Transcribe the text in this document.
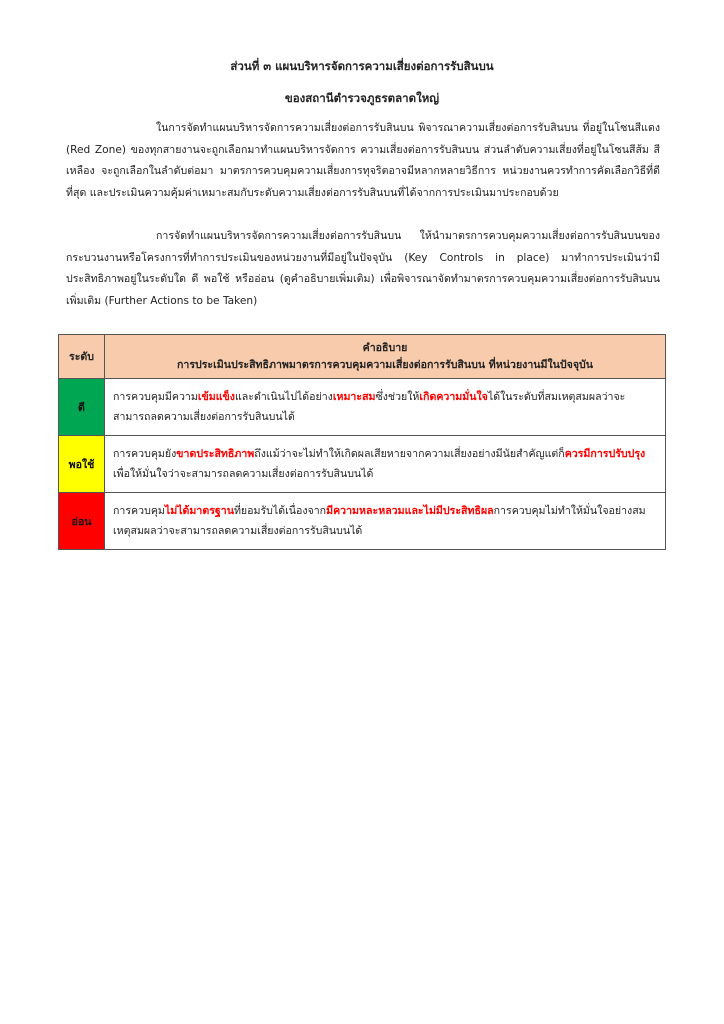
ส่วนที่ ๓ แผนบริหารจัดการความเสี่ยงต่อการรับสินบน
ของสถานีตำรวจภูธรตลาดใหญ่
ในการจัดทำแผนบริหารจัดการความเสี่ยงต่อการรับสินบน พิจารณาความเสี่ยงต่อการรับสินบน ที่อยู่ในโซนสีแดง (Red Zone) ของทุกสายงานจะถูกเลือกมาทำแผนบริหารจัดการ ความเสี่ยงต่อการรับสินบน ส่วนลำดับความเสี่ยงที่อยู่ในโซนสีส้ม สีเหลือง จะถูกเลือกในลำดับต่อมา มาตรการควบคุมความเสี่ยงการทุจริตอาจมีหลากหลายวิธีการ หน่วยงานควรทำการคัดเลือกวิธีที่ดีที่สุด และประเมินความคุ้มค่าเหมาะสมกับระดับความเสี่ยงต่อการรับสินบนที่ได้จากการประเมินมาประกอบด้วย
การจัดทำแผนบริหารจัดการความเสี่ยงต่อการรับสินบน ให้นำมาตรการควบคุมความเสี่ยงต่อการรับสินบนของกระบวนงานหรือโครงการที่ทำการประเมินของหน่วยงานที่มีอยู่ในปัจจุบัน (Key Controls in place) มาทำการประเมินว่ามีประสิทธิภาพอยู่ในระดับใด ดี พอใช้ หรืออ่อน (ดูคำอธิบายเพิ่มเติม) เพื่อพิจารณาจัดทำมาตรการควบคุมความเสี่ยงต่อการรับสินบนเพิ่มเติม (Further Actions to be Taken)
ระดับ	คำอธิบาย
การประเมินประสิทธิภาพมาตรการควบคุมความเสี่ยงต่อการรับสินบน ที่หน่วยงานมีในปัจจุบัน

ดี	การควบคุมมีความเข้มแข็งและดำเนินไปได้อย่างเหมาะสมซึ่งช่วยให้เกิดความมั่นใจได้ในระดับที่สมเหตุสมผลว่าจะสามารถลดความเสี่ยงต่อการรับสินบนได้
พอใช้	การควบคุมยังขาดประสิทธิภาพถึงแม้ว่าจะไม่ทำให้เกิดผลเสียหายจากความเสี่ยงอย่างมีนัยสำคัญแต่ก็ควรมีการปรับปรุงเพื่อให้มั่นใจว่าจะสามารถลดความเสี่ยงต่อการรับสินบนได้
อ่อน	การควบคุมไม่ได้มาตรฐานที่ยอมรับได้เนื่องจากมีความหละหลวมและไม่มีประสิทธิผลการควบคุมไม่ทำให้มั่นใจอย่างสมเหตุสมผลว่าจะสามารถลดความเสี่ยงต่อการรับสินบนได้
